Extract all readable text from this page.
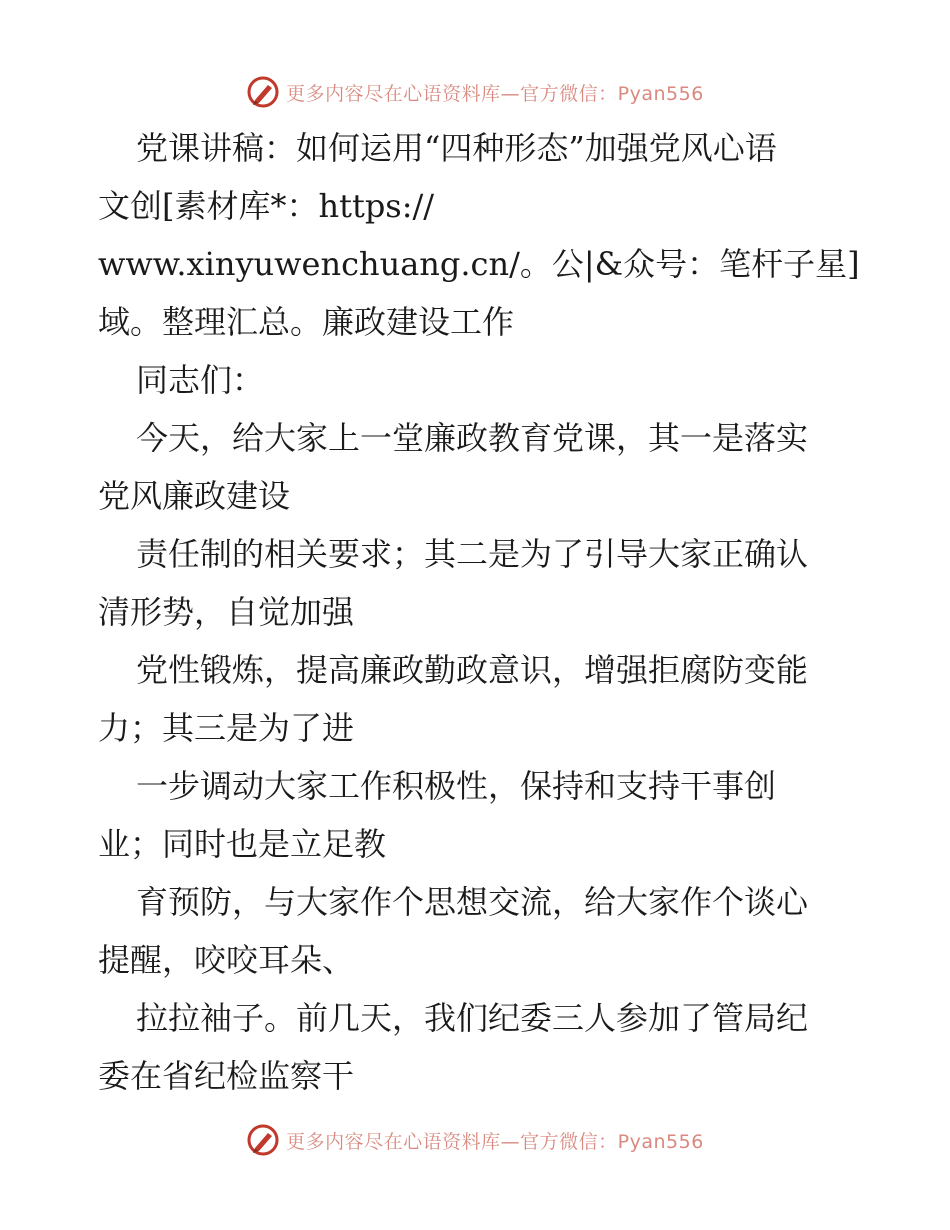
更多内容尽在心语资料库—官方微信：Pyan556
党课讲稿：如何运用“四种形态”加强党风心语
文创[素材库*：https://
www.xinyuwenchuang.cn/。公|&众号：笔杆子星]
域。整理汇总。廉政建设工作
同志们：
今天，给大家上一堂廉政教育党课，其一是落实
党风廉政建设
责任制的相关要求；其二是为了引导大家正确认
清形势，自觉加强
党性锻炼，提高廉政勤政意识，增强拒腐防变能
力；其三是为了进
一步调动大家工作积极性，保持和支持干事创
业；同时也是立足教
育预防，与大家作个思想交流，给大家作个谈心
提醒，咬咬耳朵、
拉拉袖子。前几天，我们纪委三人参加了管局纪
委在省纪检监察干
更多内容尽在心语资料库—官方微信：Pyan556
